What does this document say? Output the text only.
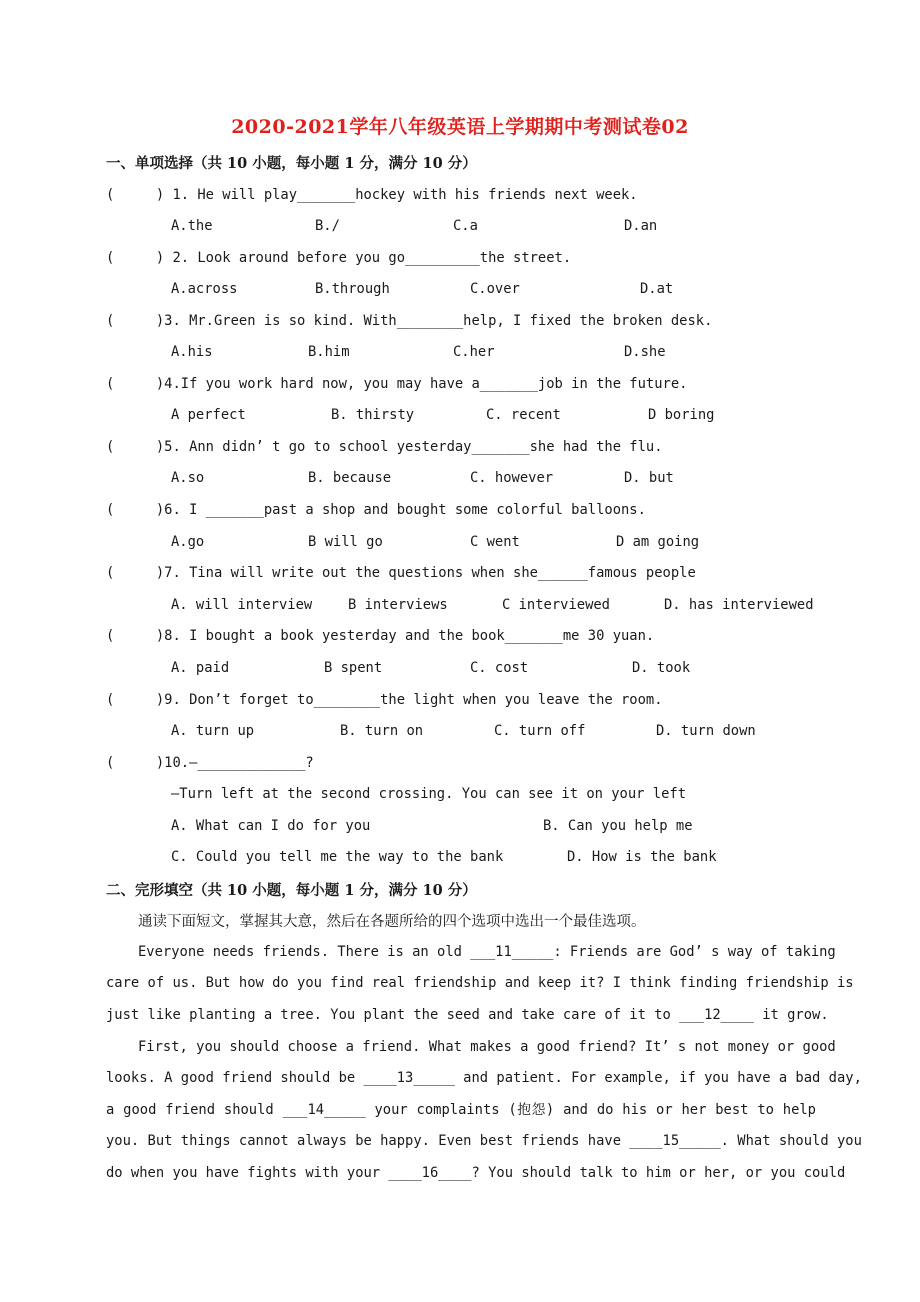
2020-2021学年八年级英语上学期期中考测试卷02
一、单项选择（共 10 小题，每小题 1 分，满分 10 分）
(     ) 1. He will play_______hockey with his friends next week.
A.the	B./	C.a	D.an
(     ) 2. Look around before you go_________the street.
A.across	B.through	C.over	D.at
(     )3. Mr.Green is so kind. With________help, I fixed the broken desk.
A.his	B.him	C.her	D.she
(     )4.If you work hard now, you may have a_______job in the future.
A perfect	B. thirsty	C. recent	D boring
(     )5. Ann didn’ t go to school yesterday_______she had the flu.
A.so	B. because	C. however	D. but
(     )6. I _______past a shop and bought some colorful balloons.
A.go	B will go	C went	D am going
(     )7. Tina will write out the questions when she______famous people
A. will interview	B interviews	C interviewed	D. has interviewed
(     )8. I bought a book yesterday and the book_______me 30 yuan.
A. paid	B spent	C. cost	D. took
(     )9. Don’t forget to________the light when you leave the room.
A. turn up	B. turn on	C. turn off	D. turn down
(     )10.—_____________?
—Turn left at the second crossing. You can see it on your left
A. What can I do for you	B. Can you help me
C. Could you tell me the way to the bank	D. How is the bank
二、完形填空（共 10 小题，每小题 1 分，满分 10 分）
通读下面短文，掌握其大意，然后在各题所给的四个选项中选出一个最佳选项。
Everyone needs friends. There is an old ___11_____: Friends are God’ s way of taking
care of us. But how do you find real friendship and keep it? I think finding friendship is
just like planting a tree. You plant the seed and take care of it to ___12____ it grow.
First, you should choose a friend. What makes a good friend? It’ s not money or good
looks. A good friend should be ____13_____ and patient. For example, if you have a bad day,
a good friend should ___14_____ your complaints (抱怨) and do his or her best to help
you. But things cannot always be happy. Even best friends have ____15_____. What should you
do when you have fights with your ____16____? You should talk to him or her, or you could
